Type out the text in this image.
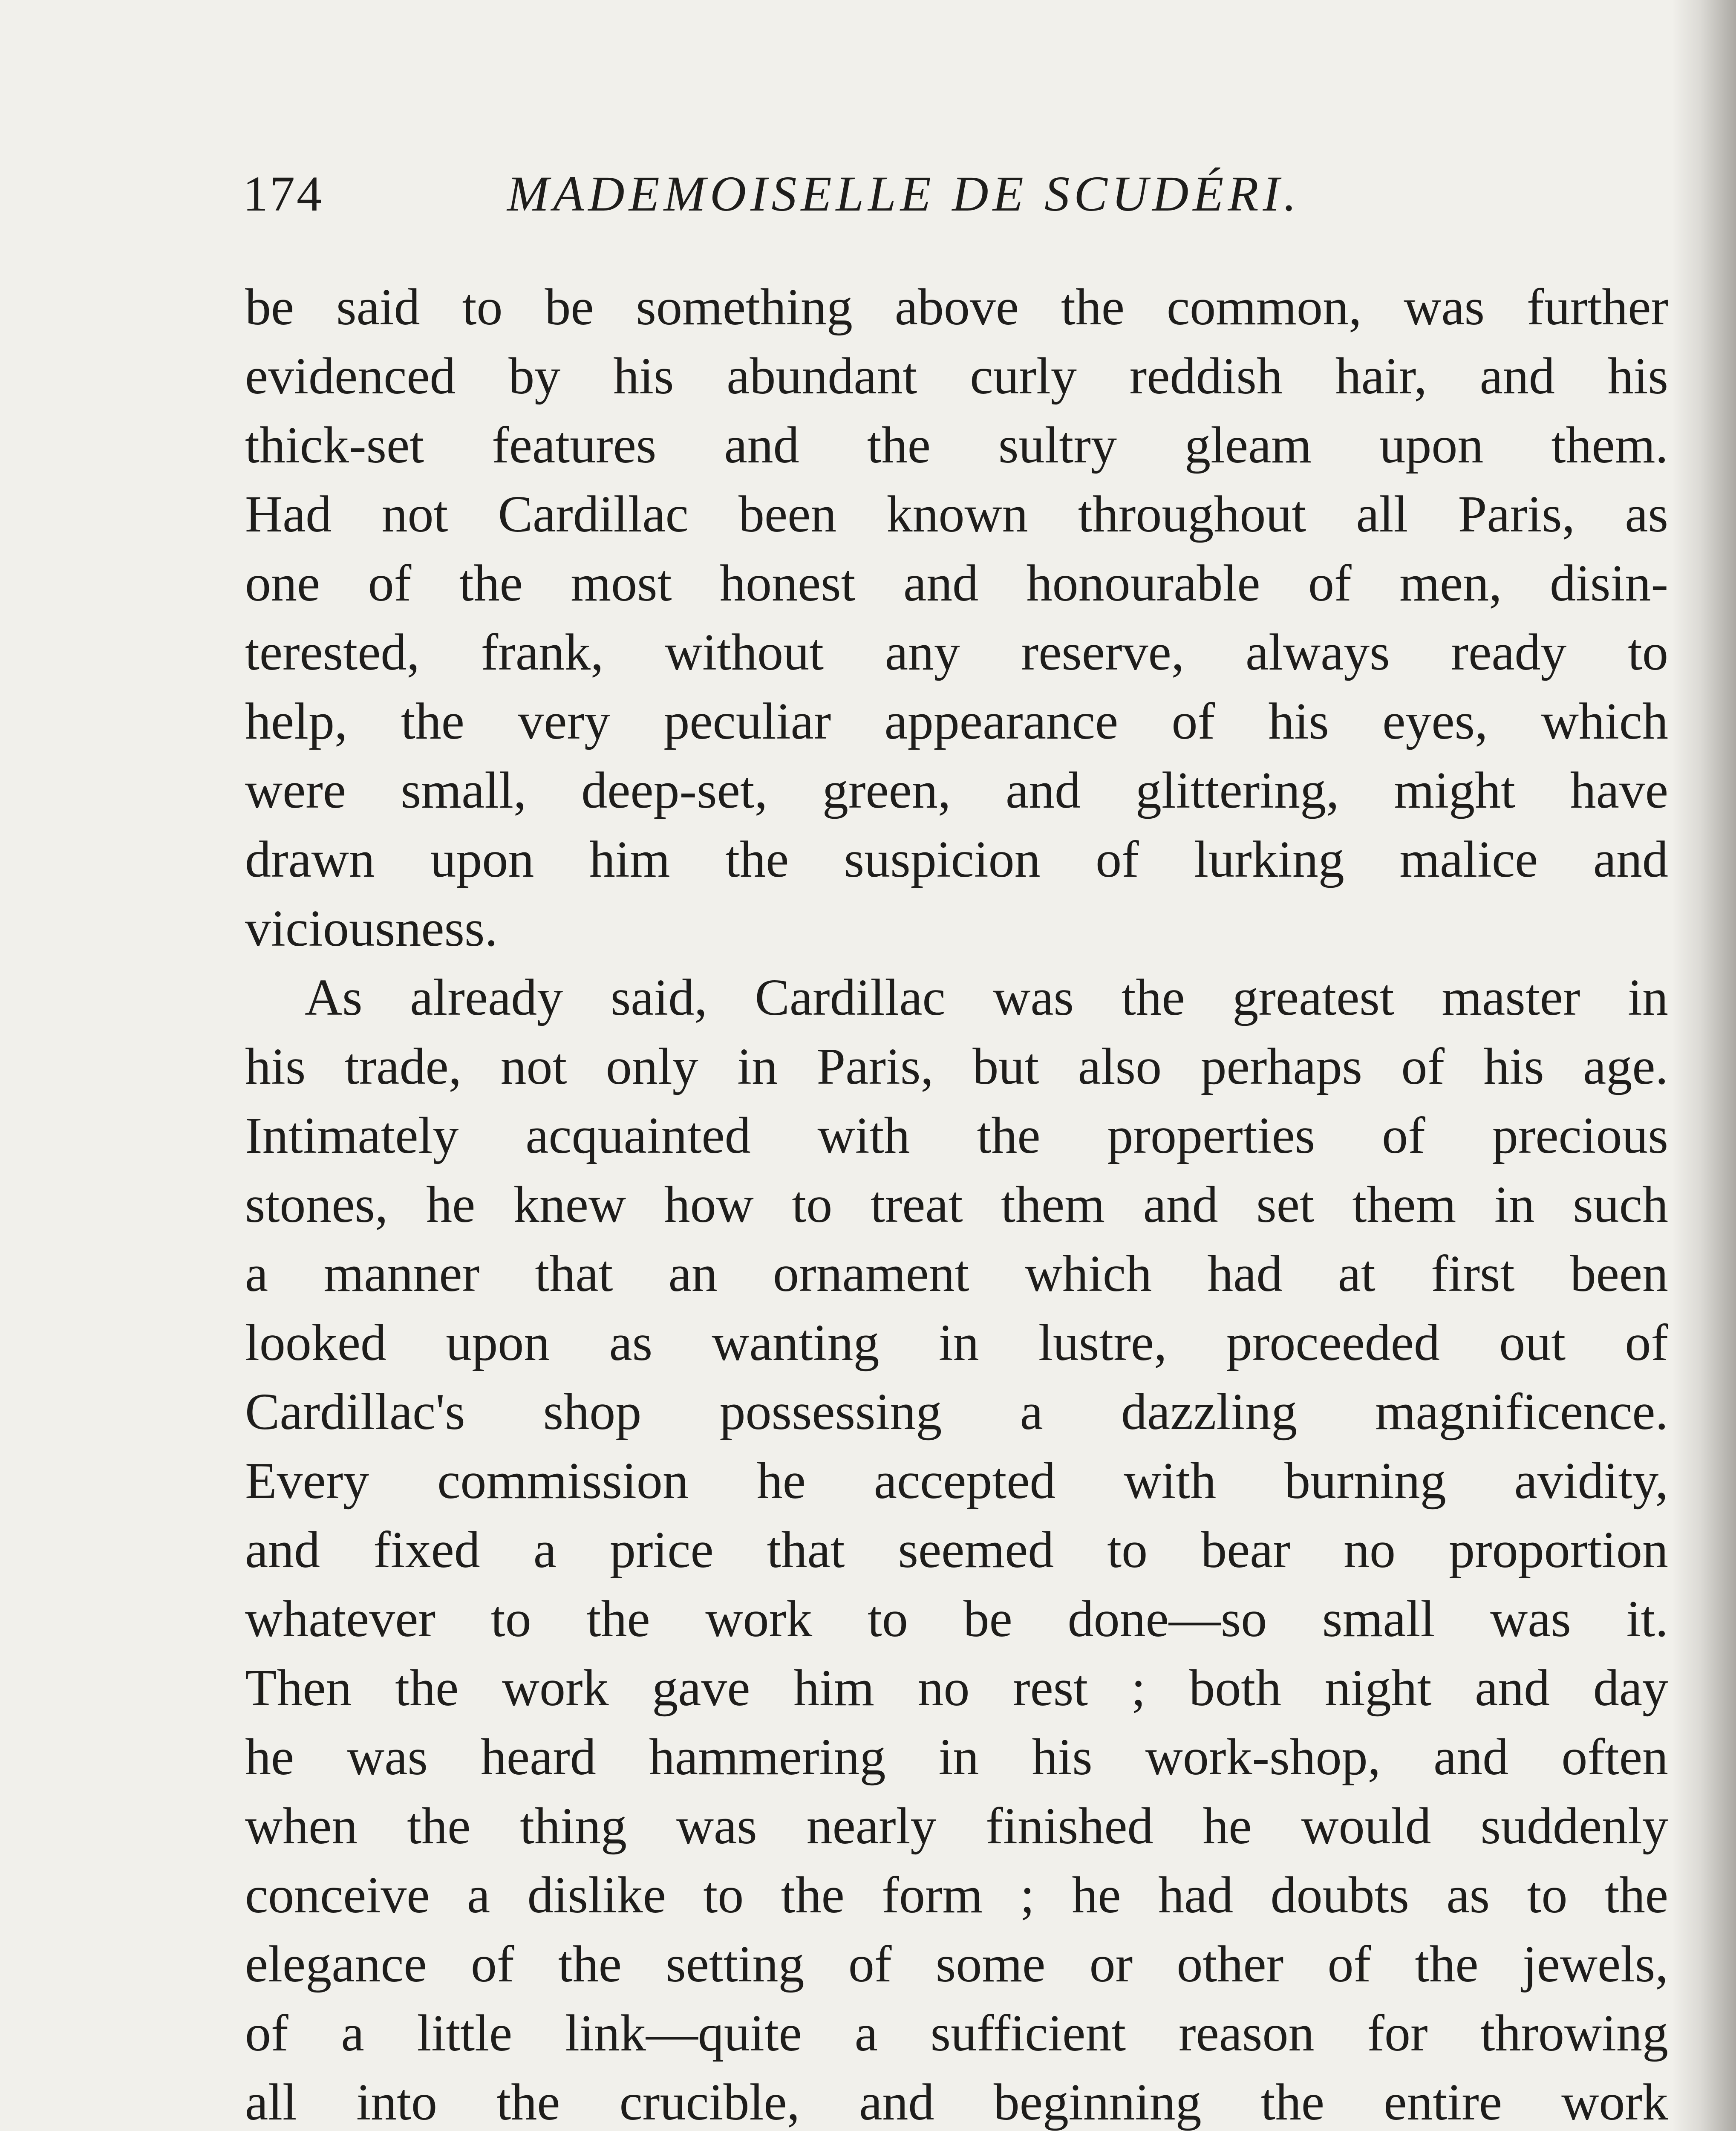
174	MADEMOISELLE DE SCUDÉRI.
be said to be something above the common, was further
evidenced by his abundant curly reddish hair, and his
thick-set features and the sultry gleam upon them.
Had not Cardillac been known throughout all Paris, as
one of the most honest and honourable of men, disin-
terested, frank, without any reserve, always ready to
help, the very peculiar appearance of his eyes, which
were small, deep-set, green, and glittering, might have
drawn upon him the suspicion of lurking malice and
viciousness.
As already said, Cardillac was the greatest master in
his trade, not only in Paris, but also perhaps of his age.
Intimately acquainted with the properties of precious
stones, he knew how to treat them and set them in such
a manner that an ornament which had at first been
looked upon as wanting in lustre, proceeded out of
Cardillac's shop possessing a dazzling magnificence.
Every commission he accepted with burning avidity,
and fixed a price that seemed to bear no proportion
whatever to the work to be done—so small was it.
Then the work gave him no rest ; both night and day
he was heard hammering in his work-shop, and often
when the thing was nearly finished he would suddenly
conceive a dislike to the form ; he had doubts as to the
elegance of the setting of some or other of the jewels,
of a little link—quite a sufficient reason for throwing
all into the crucible, and beginning the entire work
